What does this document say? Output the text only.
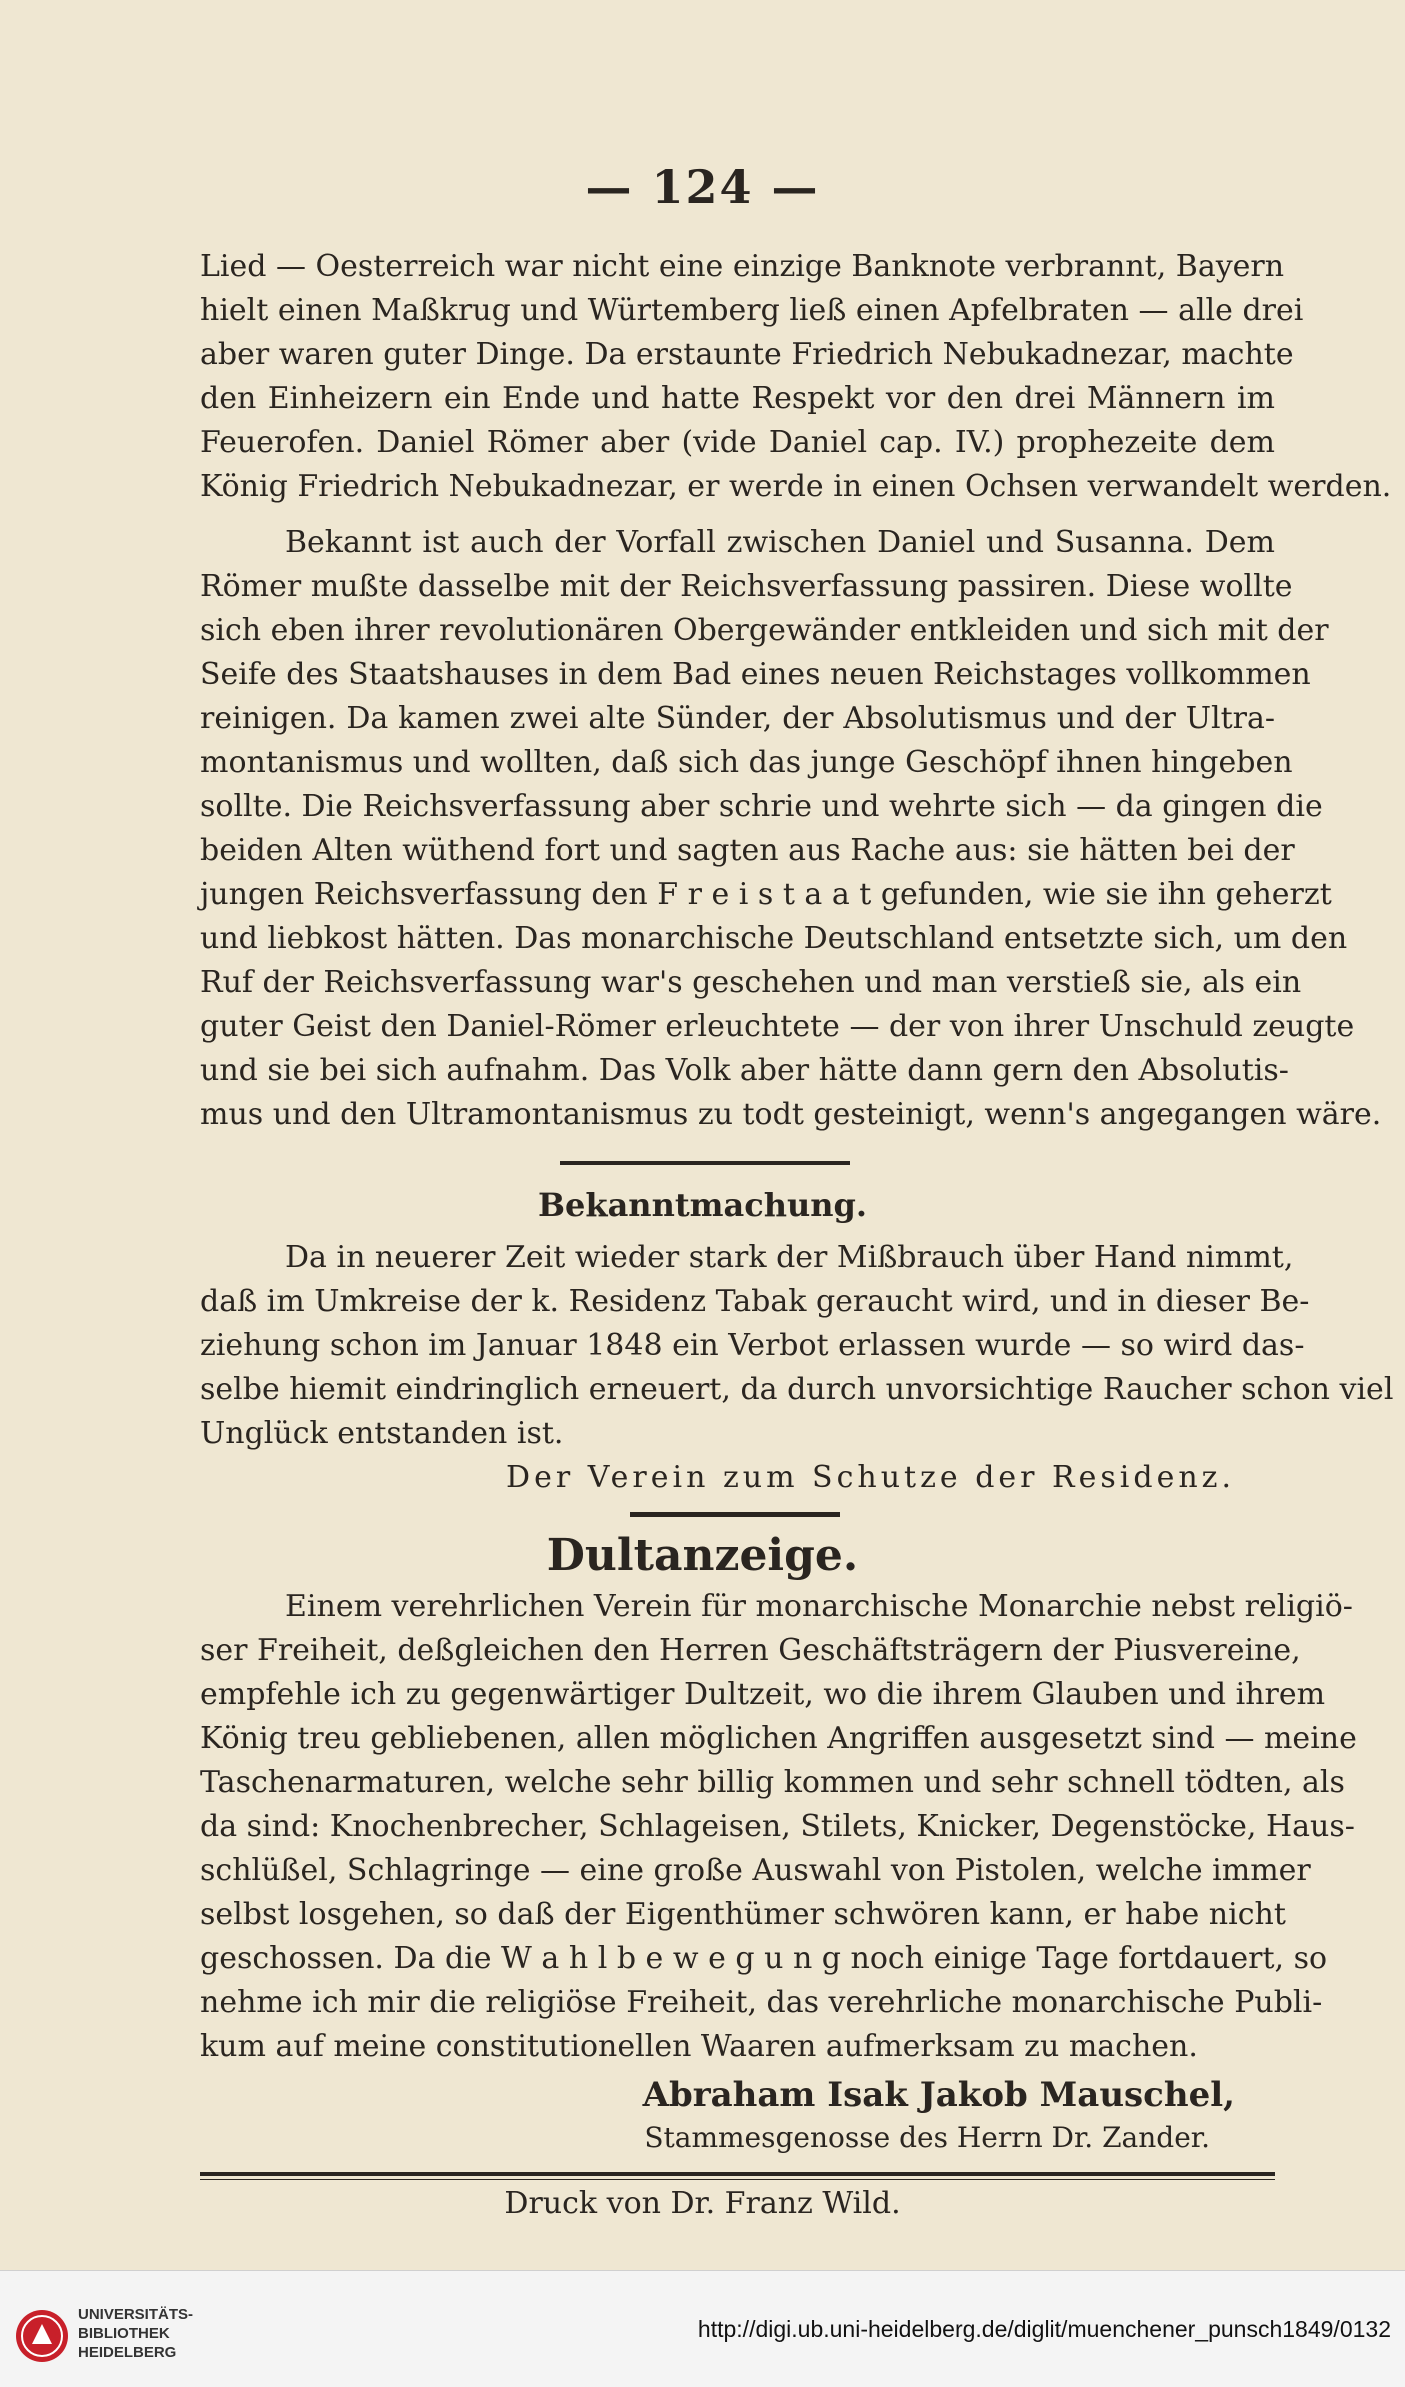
— 124 —
Lied — Oesterreich war nicht eine einzige Banknote verbrannt, Bayern
hielt einen Maßkrug und Würtemberg ließ einen Apfelbraten — alle drei
aber waren guter Dinge. Da erstaunte Friedrich Nebukadnezar, machte
den Einheizern ein Ende und hatte Respekt vor den drei Männern im
Feuerofen. Daniel Römer aber (vide Daniel cap. IV.) prophezeite dem
König Friedrich Nebukadnezar, er werde in einen Ochsen verwandelt werden.
Bekannt ist auch der Vorfall zwischen Daniel und Susanna. Dem
Römer mußte dasselbe mit der Reichsverfassung passiren. Diese wollte
sich eben ihrer revolutionären Obergewänder entkleiden und sich mit der
Seife des Staatshauses in dem Bad eines neuen Reichstages vollkommen
reinigen. Da kamen zwei alte Sünder, der Absolutismus und der Ultra-
montanismus und wollten, daß sich das junge Geschöpf ihnen hingeben
sollte. Die Reichsverfassung aber schrie und wehrte sich — da gingen die
beiden Alten wüthend fort und sagten aus Rache aus: sie hätten bei der
jungen Reichsverfassung den F r e i s t a a t gefunden, wie sie ihn geherzt
und liebkost hätten. Das monarchische Deutschland entsetzte sich, um den
Ruf der Reichsverfassung war's geschehen und man verstieß sie, als ein
guter Geist den Daniel-Römer erleuchtete — der von ihrer Unschuld zeugte
und sie bei sich aufnahm. Das Volk aber hätte dann gern den Absolutis-
mus und den Ultramontanismus zu todt gesteinigt, wenn's angegangen wäre.
Bekanntmachung.
Da in neuerer Zeit wieder stark der Mißbrauch über Hand nimmt,
daß im Umkreise der k. Residenz Tabak geraucht wird, und in dieser Be-
ziehung schon im Januar 1848 ein Verbot erlassen wurde — so wird das-
selbe hiemit eindringlich erneuert, da durch unvorsichtige Raucher schon viel
Unglück entstanden ist.
Der Verein zum Schutze der Residenz.
Dultanzeige.
Einem verehrlichen Verein für monarchische Monarchie nebst religiö-
ser Freiheit, deßgleichen den Herren Geschäftsträgern der Piusvereine,
empfehle ich zu gegenwärtiger Dultzeit, wo die ihrem Glauben und ihrem
König treu gebliebenen, allen möglichen Angriffen ausgesetzt sind — meine
Taschenarmaturen, welche sehr billig kommen und sehr schnell tödten, als
da sind: Knochenbrecher, Schlageisen, Stilets, Knicker, Degenstöcke, Haus-
schlüßel, Schlagringe — eine große Auswahl von Pistolen, welche immer
selbst losgehen, so daß der Eigenthümer schwören kann, er habe nicht
geschossen. Da die W a h l b e w e g u n g noch einige Tage fortdauert, so
nehme ich mir die religiöse Freiheit, das verehrliche monarchische Publi-
kum auf meine constitutionellen Waaren aufmerksam zu machen.
Abraham Isak Jakob Mauschel,
Stammesgenosse des Herrn Dr. Zander.
Druck von Dr. Franz Wild.
UNIVERSITÄTS-
BIBLIOTHEK
HEIDELBERG
http://digi.ub.uni-heidelberg.de/diglit/muenchener_punsch1849/0132
